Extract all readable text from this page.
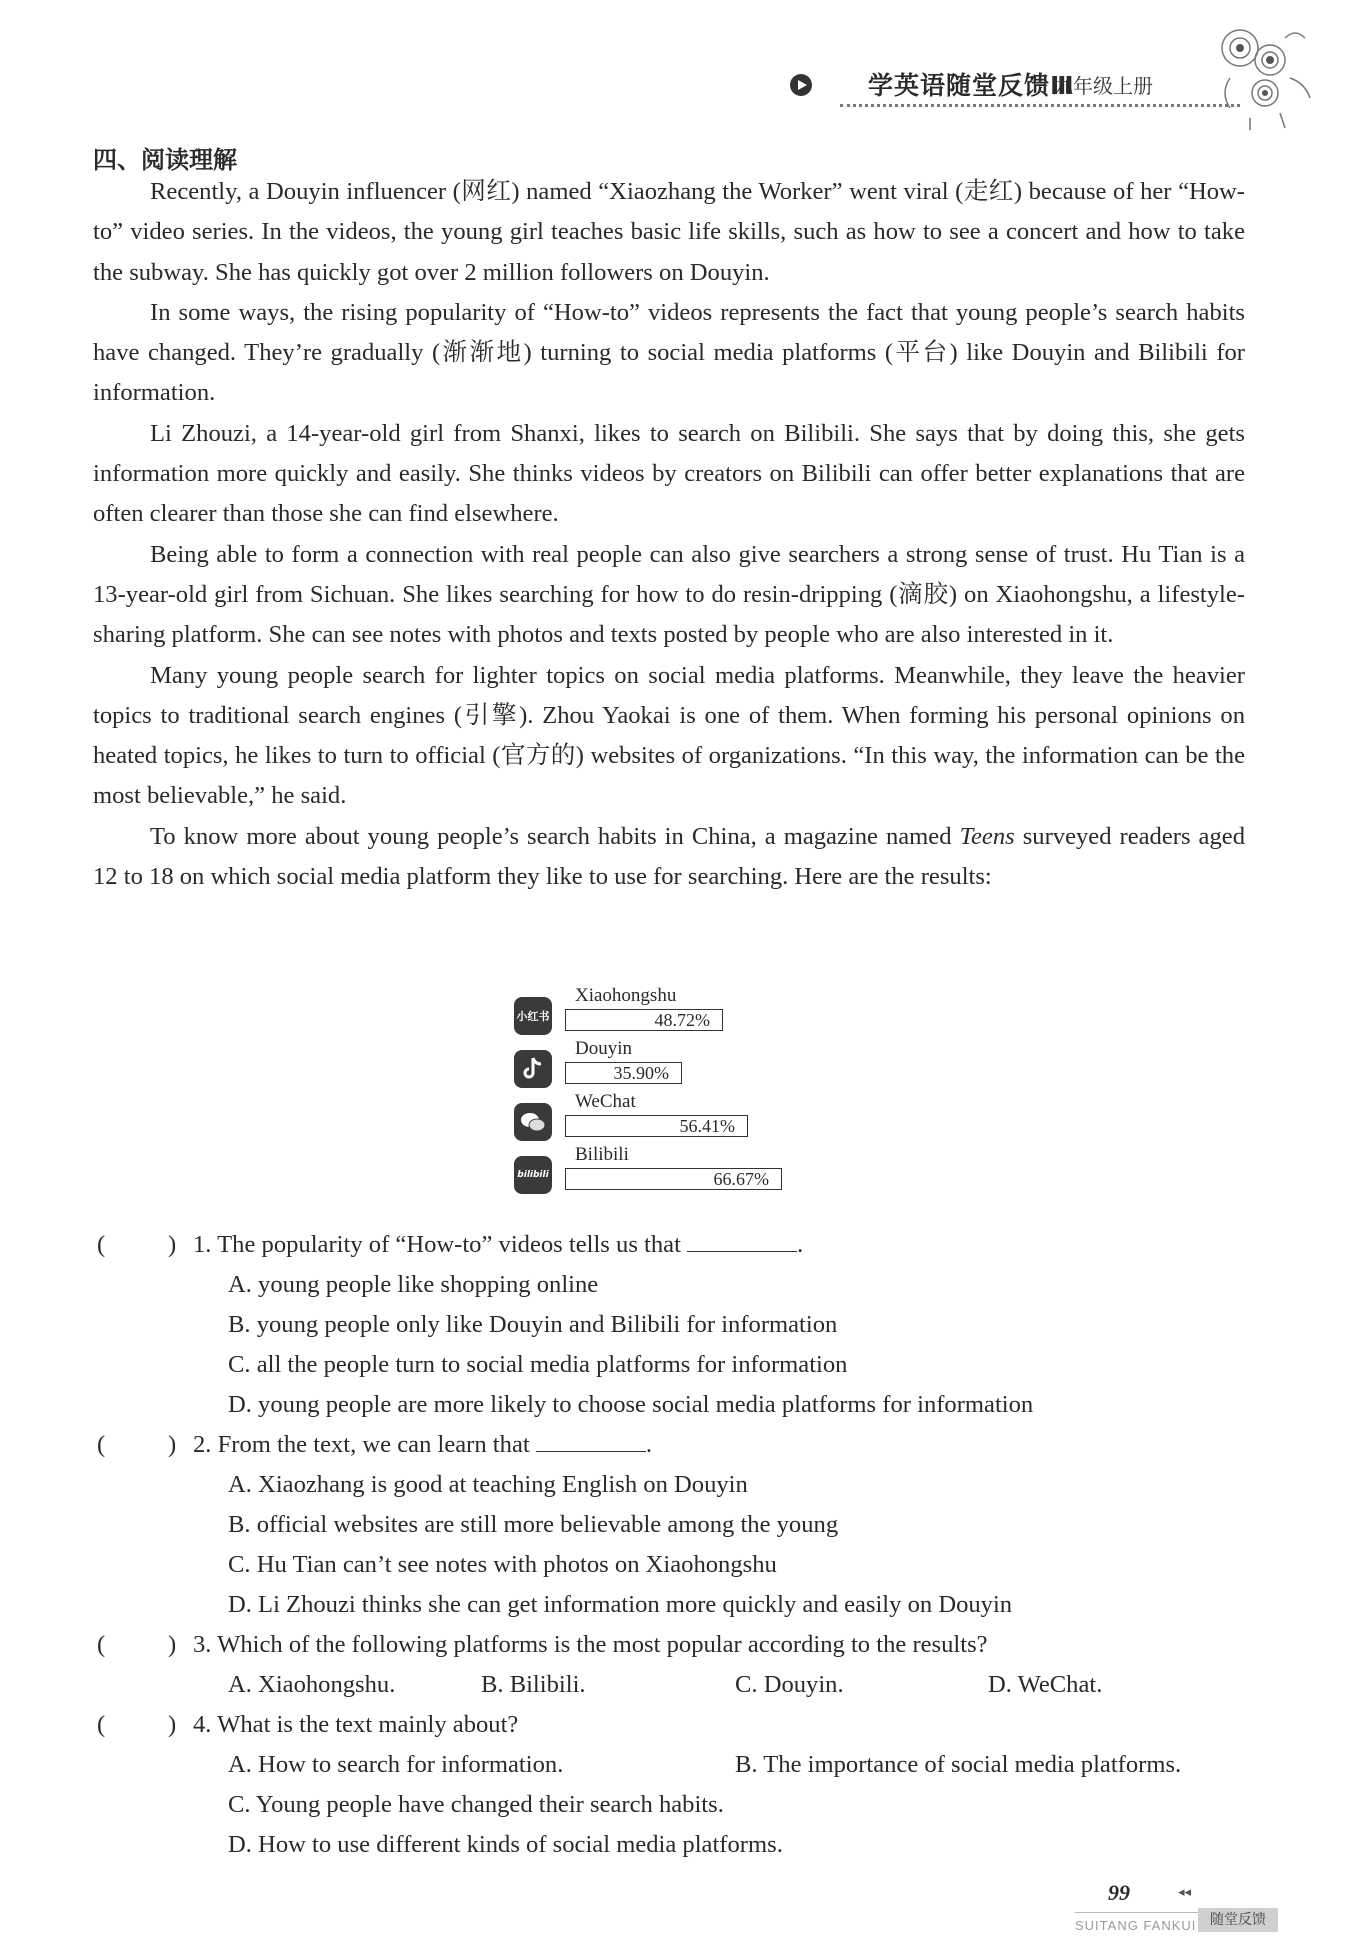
学英语随堂反馈Ⅲ
九年级上册
四、阅读理解

Recently, a Douyin influencer (网红) named “Xiaozhang the Worker” went viral (走红) because of her “How-to” video series. In the videos, the young girl teaches basic life skills, such as how to see a concert and how to take the subway. She has quickly got over 2 million followers on Douyin.

In some ways, the rising popularity of “How-to” videos represents the fact that young people’s search habits have changed. They’re gradually (渐渐地) turning to social media platforms (平台) like Douyin and Bilibili for information.

Li Zhouzi, a 14-year-old girl from Shanxi, likes to search on Bilibili. She says that by doing this, she gets information more quickly and easily. She thinks videos by creators on Bilibili can offer better explanations that are often clearer than those she can find elsewhere.

Being able to form a connection with real people can also give searchers a strong sense of trust. Hu Tian is a 13-year-old girl from Sichuan. She likes searching for how to do resin-dripping (滴胶) on Xiaohongshu, a lifestyle-sharing platform. She can see notes with photos and texts posted by people who are also interested in it.

Many young people search for lighter topics on social media platforms. Meanwhile, they leave the heavier topics to traditional search engines (引擎). Zhou Yaokai is one of them. When forming his personal opinions on heated topics, he likes to turn to official (官方的) websites of organizations. “In this way, the information can be the most believable,” he said.

To know more about young people’s search habits in China, a magazine named Teens surveyed readers aged 12 to 18 on which social media platform they like to use for searching. Here are the results:

小红书
Xiaohongshu
48.72%
Douyin
35.90%
WeChat
56.41%
bilibili
Bilibili
66.67%
(	) 1. The popularity of “How-to” videos tells us that	.
A. young people like shopping online
B. young people only like Douyin and Bilibili for information
C. all the people turn to social media platforms for information
D. young people are more likely to choose social media platforms for information
(	) 2. From the text, we can learn that	.
A. Xiaozhang is good at teaching English on Douyin
B. official websites are still more believable among the young
C. Hu Tian can’t see notes with photos on Xiaohongshu
D. Li Zhouzi thinks she can get information more quickly and easily on Douyin
(	) 3. Which of the following platforms is the most popular according to the results?
A. Xiaohongshu.	B. Bilibili.	C. Douyin.	D. WeChat.
(	) 4. What is the text mainly about?
A. How to search for information.	B. The importance of social media platforms.
C. Young people have changed their search habits.
D. How to use different kinds of social media platforms.
99	◂◂
SUITANG FANKUI 随堂反馈
